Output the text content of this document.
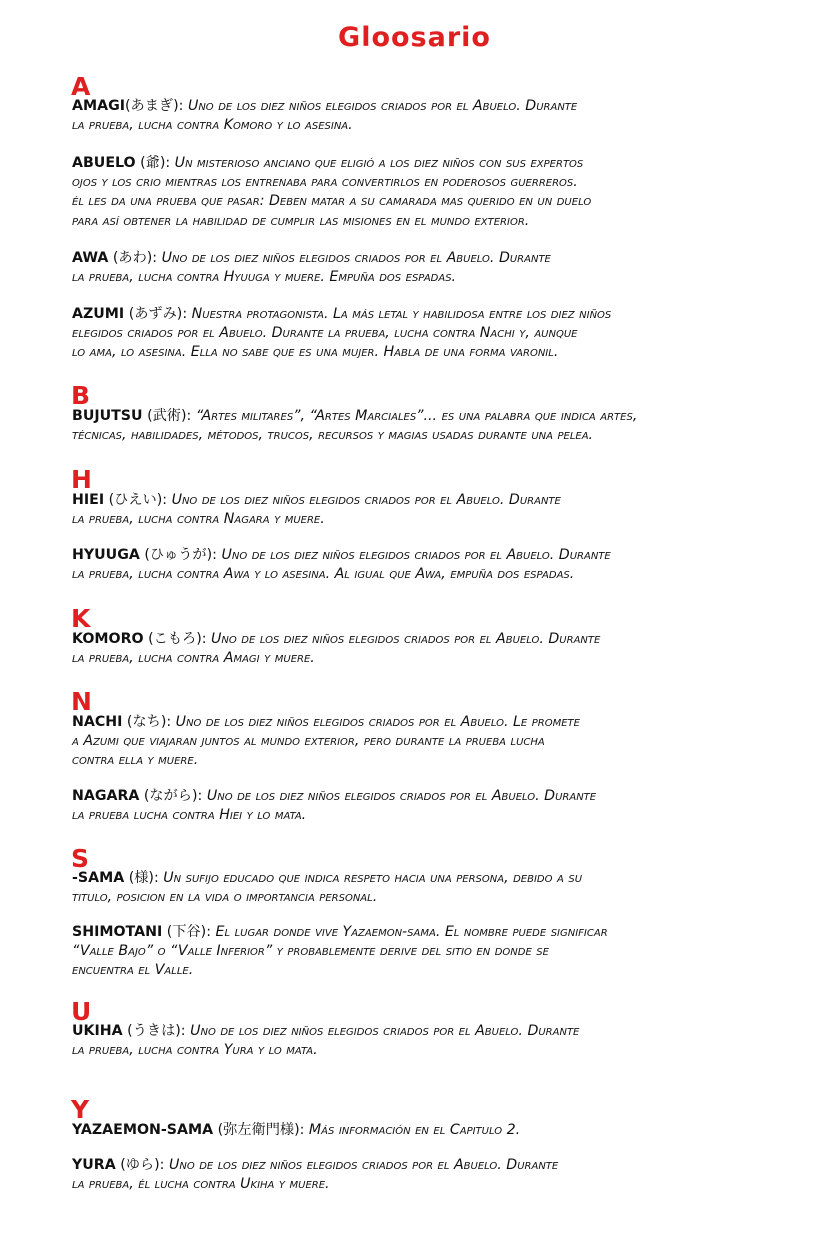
Gloosario
A
AMAGI(あまぎ): Uno de los diez niños elegidos criados por el Abuelo. Durante
la prueba, lucha contra Komoro y lo asesina.
ABUELO (爺): Un misterioso anciano que eligió a los diez niños con sus expertos
ojos y los crio mientras los entrenaba para convertirlos en poderosos guerreros.
él les da una prueba que pasar: Deben matar a su camarada mas querido en un duelo
para así obtener la habilidad de cumplir las misiones en el mundo exterior.
AWA (あわ): Uno de los diez niños elegidos criados por el Abuelo. Durante
la prueba, lucha contra Hyuuga y muere. Empuña dos espadas.
AZUMI (あずみ): Nuestra protagonista. La más letal y habilidosa entre los diez niños
elegidos criados por el Abuelo. Durante la prueba, lucha contra Nachi y, aunque
lo ama, lo asesina. Ella no sabe que es una mujer. Habla de una forma varonil.
B
BUJUTSU (武術): “Artes militares”, “Artes Marciales”... es una palabra que indica artes,
técnicas, habilidades, métodos, trucos, recursos y magias usadas durante una pelea.
H
HIEI (ひえい): Uno de los diez niños elegidos criados por el Abuelo. Durante
la prueba, lucha contra Nagara y muere.
HYUUGA (ひゅうが): Uno de los diez niños elegidos criados por el Abuelo. Durante
la prueba, lucha contra Awa y lo asesina. Al igual que Awa, empuña dos espadas.
K
KOMORO (こもろ): Uno de los diez niños elegidos criados por el Abuelo. Durante
la prueba, lucha contra Amagi y muere.
N
NACHI (なち): Uno de los diez niños elegidos criados por el Abuelo. Le promete
a Azumi que viajaran juntos al mundo exterior, pero durante la prueba lucha
contra ella y muere.
NAGARA (ながら): Uno de los diez niños elegidos criados por el Abuelo. Durante
la prueba lucha contra Hiei y lo mata.
S
-SAMA (様): Un sufijo educado que indica respeto hacia una persona, debido a su
titulo, posicion en la vida o importancia personal.
SHIMOTANI (下谷): El lugar donde vive Yazaemon-sama. El nombre puede significar
“Valle Bajo” o “Valle Inferior” y probablemente derive del sitio en donde se
encuentra el Valle.
U
UKIHA (うきは): Uno de los diez niños elegidos criados por el Abuelo. Durante
la prueba, lucha contra Yura y lo mata.
Y
YAZAEMON-SAMA (弥左衛門様): Más información en el Capitulo 2.
YURA (ゆら): Uno de los diez niños elegidos criados por el Abuelo. Durante
la prueba, él lucha contra Ukiha y muere.
